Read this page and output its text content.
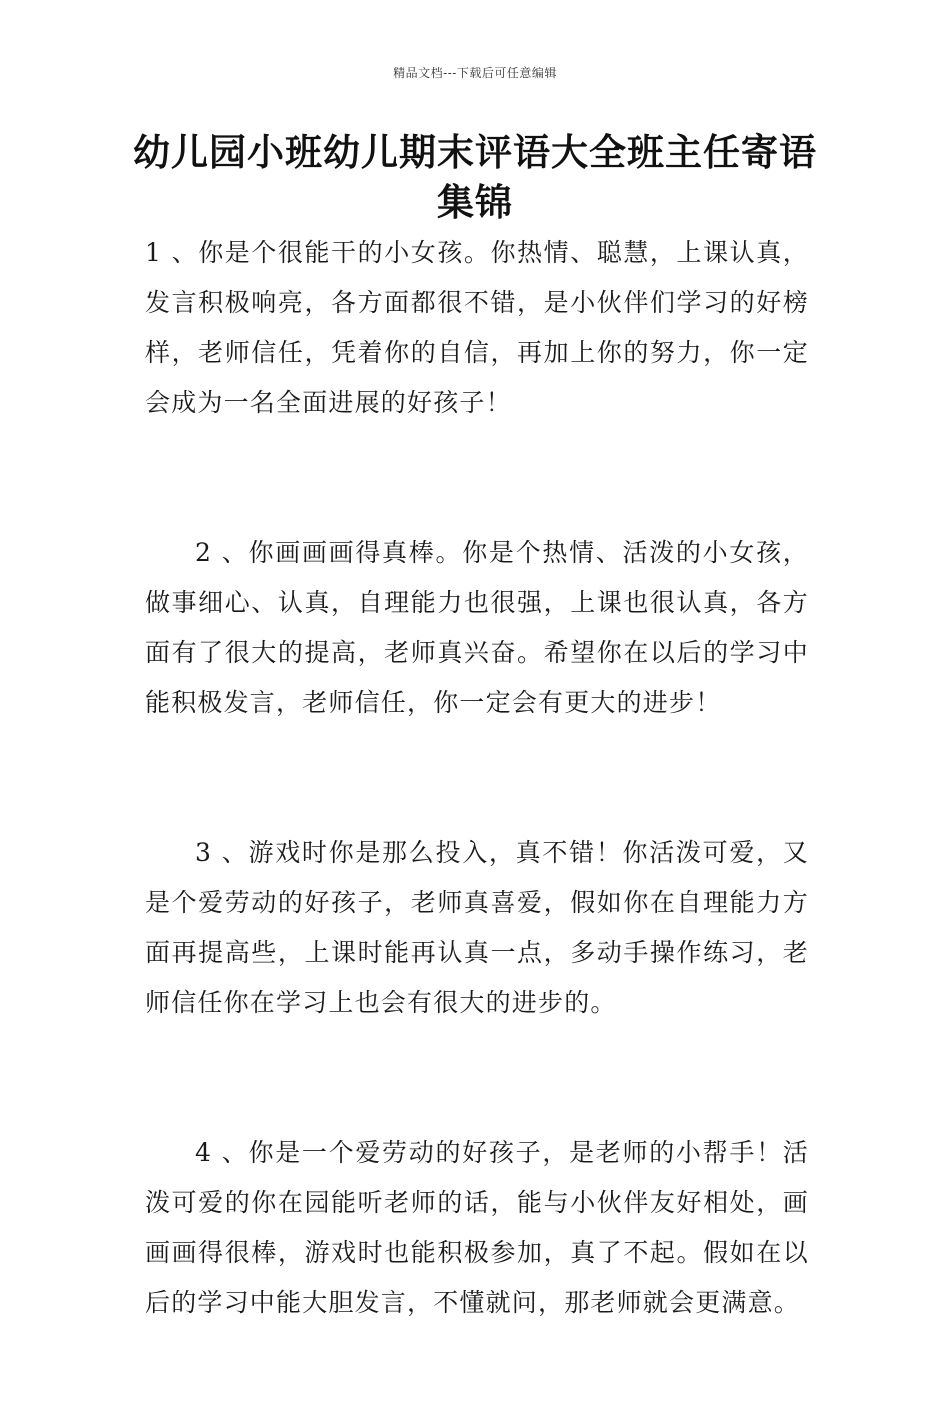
精品文档---下载后可任意编辑
幼儿园小班幼儿期末评语大全班主任寄语集锦

1 、你是个很能干的小女孩。你热情、聪慧，上课认真，发言积极响亮，各方面都很不错，是小伙伴们学习的好榜样，老师信任，凭着你的自信，再加上你的努力，你一定会成为一名全面进展的好孩子！

2 、你画画画得真棒。你是个热情、活泼的小女孩，做事细心、认真，自理能力也很强，上课也很认真，各方面有了很大的提高，老师真兴奋。希望你在以后的学习中能积极发言，老师信任，你一定会有更大的进步！

3 、游戏时你是那么投入，真不错！你活泼可爱，又是个爱劳动的好孩子，老师真喜爱，假如你在自理能力方面再提高些，上课时能再认真一点，多动手操作练习，老师信任你在学习上也会有很大的进步的。

4 、你是一个爱劳动的好孩子，是老师的小帮手！活泼可爱的你在园能听老师的话，能与小伙伴友好相处，画画画得很棒，游戏时也能积极参加，真了不起。假如在以后的学习中能大胆发言，不懂就问，那老师就会更满意。
